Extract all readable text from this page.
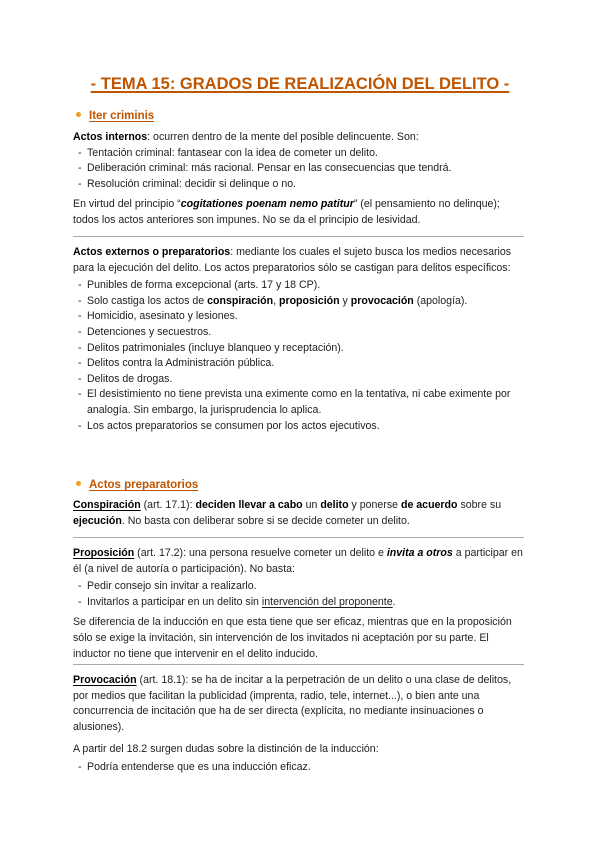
- TEMA 15: GRADOS DE REALIZACIÓN DEL DELITO -
Iter criminis

Actos internos: ocurren dentro de la mente del posible delincuente. Son:

- Tentación criminal: fantasear con la idea de cometer un delito.
- Deliberación criminal: más racional. Pensar en las consecuencias que tendrá.
- Resolución criminal: decidir si delinque o no.

En virtud del principio “cogitationes poenam nemo patitur” (el pensamiento no delinque); todos los actos anteriores son impunes. No se da el principio de lesividad.

Actos externos o preparatorios: mediante los cuales el sujeto busca los medios necesarios para la ejecución del delito. Los actos preparatorios sólo se castigan para delitos específicos:

- Punibles de forma excepcional (arts. 17 y 18 CP).
- Solo castiga los actos de conspiración, proposición y provocación (apología).
- Homicidio, asesinato y lesiones.
- Detenciones y secuestros.
- Delitos patrimoniales (incluye blanqueo y receptación).
- Delitos contra la Administración pública.
- Delitos de drogas.
- El desistimiento no tiene prevista una eximente como en la tentativa, ni cabe eximente por analogía. Sin embargo, la jurisprudencia lo aplica.
- Los actos preparatorios se consumen por los actos ejecutivos.
Actos preparatorios

Conspiración (art. 17.1): deciden llevar a cabo un delito y ponerse de acuerdo sobre su ejecución. No basta con deliberar sobre si se decide cometer un delito.

Proposición (art. 17.2): una persona resuelve cometer un delito e invita a otros a participar en él (a nivel de autoría o participación). No basta:

- Pedir consejo sin invitar a realizarlo.
- Invitarlos a participar en un delito sin intervención del proponente.

Se diferencia de la inducción en que esta tiene que ser eficaz, mientras que en la proposición sólo se exige la invitación, sin intervención de los invitados ni aceptación por su parte. El inductor no tiene que intervenir en el delito inducido.

Provocación (art. 18.1): se ha de incitar a la perpetración de un delito o una clase de delitos, por medios que facilitan la publicidad (imprenta, radio, tele, internet...), o bien ante una concurrencia de incitación que ha de ser directa (explícita, no mediante insinuaciones o alusiones).

A partir del 18.2 surgen dudas sobre la distinción de la inducción:

- Podría entenderse que es una inducción eficaz.
